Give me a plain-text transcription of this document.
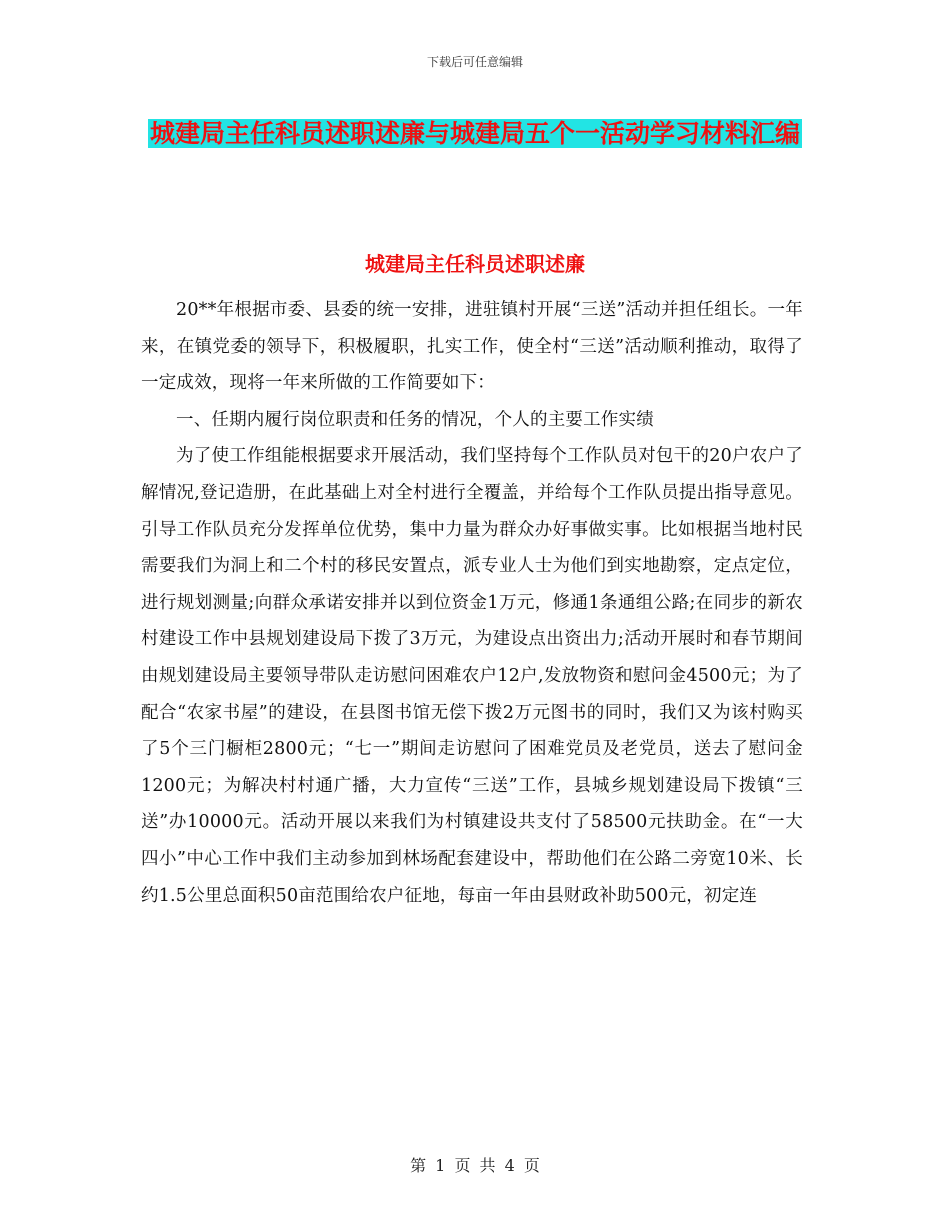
下载后可任意编辑
城建局主任科员述职述廉与城建局五个一活动学习材料汇编
城建局主任科员述职述廉

20**年根据市委、县委的统一安排，进驻镇村开展“三送”活动并担任组长。一年来，在镇党委的领导下，积极履职，扎实工作，使全村“三送”活动顺利推动，取得了一定成效，现将一年来所做的工作简要如下：

一、任期内履行岗位职责和任务的情况，个人的主要工作实绩

为了使工作组能根据要求开展活动，我们坚持每个工作队员对包干的20户农户了解情况,登记造册，在此基础上对全村进行全覆盖，并给每个工作队员提出指导意见。引导工作队员充分发挥单位优势，集中力量为群众办好事做实事。比如根据当地村民需要我们为洞上和二个村的移民安置点，派专业人士为他们到实地勘察，定点定位，进行规划测量;向群众承诺安排并以到位资金1万元，修通1条通组公路;在同步的新农村建设工作中县规划建设局下拨了3万元，为建设点出资出力;活动开展时和春节期间由规划建设局主要领导带队走访慰问困难农户12户,发放物资和慰问金4500元；为了配合“农家书屋”的建设，在县图书馆无偿下拨2万元图书的同时，我们又为该村购买了5个三门橱柜2800元；“七一”期间走访慰问了困难党员及老党员，送去了慰问金1200元；为解决村村通广播，大力宣传“三送”工作，县城乡规划建设局下拨镇“三送”办10000元。活动开展以来我们为村镇建设共支付了58500元扶助金。在“一大四小”中心工作中我们主动参加到林场配套建设中，帮助他们在公路二旁宽10米、长约1.5公里总面积50亩范围给农户征地，每亩一年由县财政补助500元，初定连

第 1 页 共 4 页
